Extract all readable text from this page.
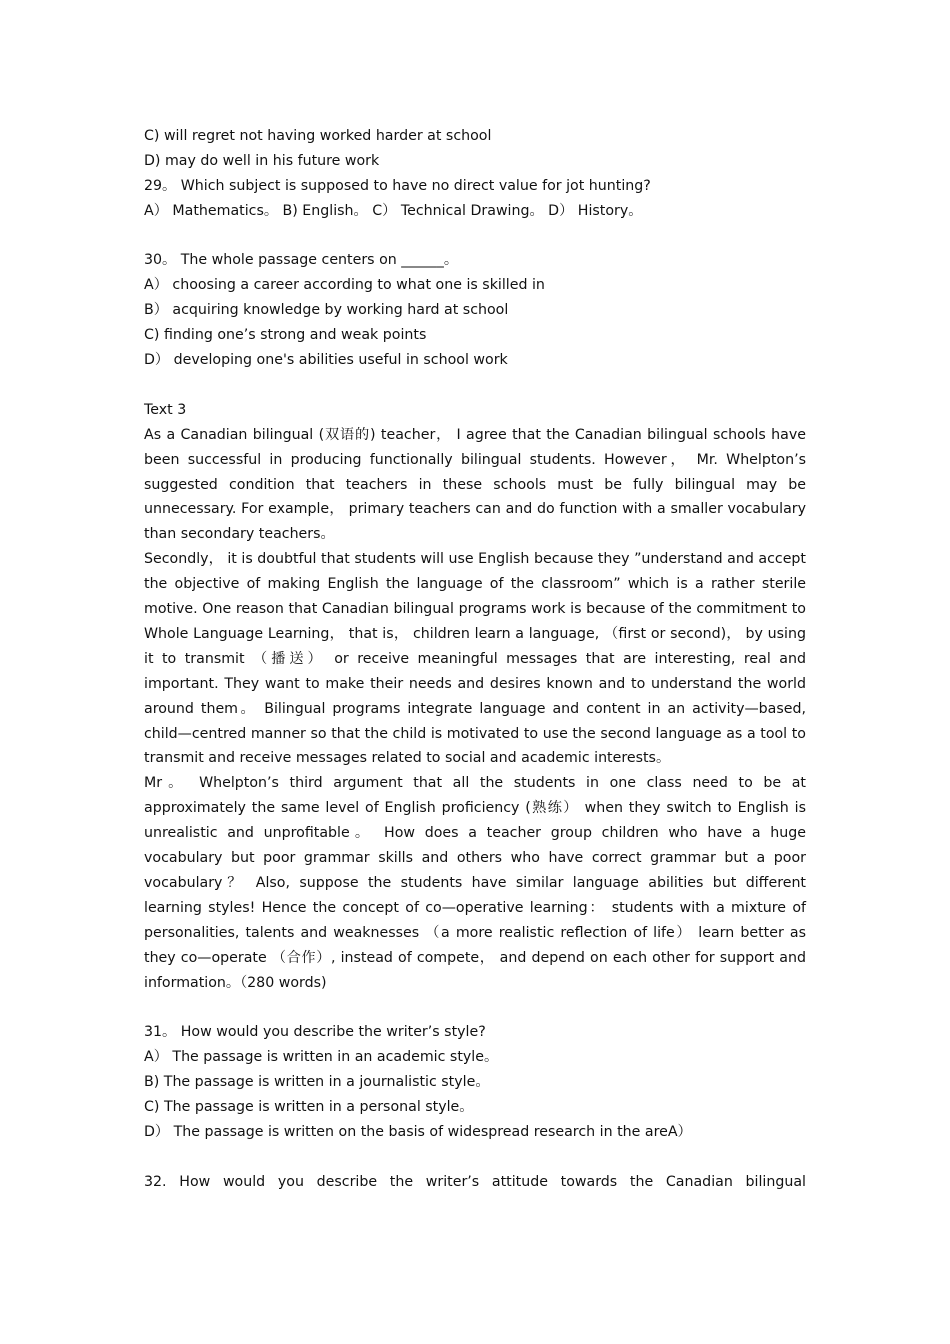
C) will regret not having worked harder at school
D) may do well in his future work
29。 Which subject is supposed to have no direct value for jot hunting?
A） Mathematics。 B) English。 C） Technical Drawing。 D） History。
30。 The whole passage centers on ______。
A） choosing a career according to what one is skilled in
B） acquiring knowledge by working hard at school
C) finding one’s strong and weak points
D） developing one's abilities useful in school work
Text 3
As a Canadian bilingual (双语的) teacher， I agree that the Canadian bilingual schools have been successful in producing functionally bilingual students. However， Mr. Whelpton’s suggested condition that teachers in these schools must be fully bilingual may be unnecessary. For example， primary teachers can and do function with a smaller vocabulary than secondary teachers。
Secondly， it is doubtful that students will use English because they ”understand and accept the objective of making English the language of the classroom” which is a rather sterile motive. One reason that Canadian bilingual programs work is because of the commitment to Whole Language Learning， that is， children learn a language, （first or second)， by using it to transmit （播送） or receive meaningful messages that are interesting, real and important. They want to make their needs and desires known and to understand the world around them。 Bilingual programs integrate language and content in an activity—based, child—centred manner so that the child is motivated to use the second language as a tool to transmit and receive messages related to social and academic interests。
Mr。 Whelpton’s third argument that all the students in one class need to be at approximately the same level of English proficiency (熟练） when they switch to English is unrealistic and unprofitable。 How does a teacher group children who have a huge vocabulary but poor grammar skills and others who have correct grammar but a poor vocabulary？ Also, suppose the students have similar language abilities but different learning styles! Hence the concept of co—operative learning： students with a mixture of personalities, talents and weaknesses （a more realistic reflection of life） learn better as they co—operate （合作）, instead of compete， and depend on each other for support and information。（280 words)
31。 How would you describe the writer’s style?
A） The passage is written in an academic style。
B) The passage is written in a journalistic style。
C) The passage is written in a personal style。
D） The passage is written on the basis of widespread research in the areA）
32. How would you describe the writer’s attitude towards the Canadian bilingual
